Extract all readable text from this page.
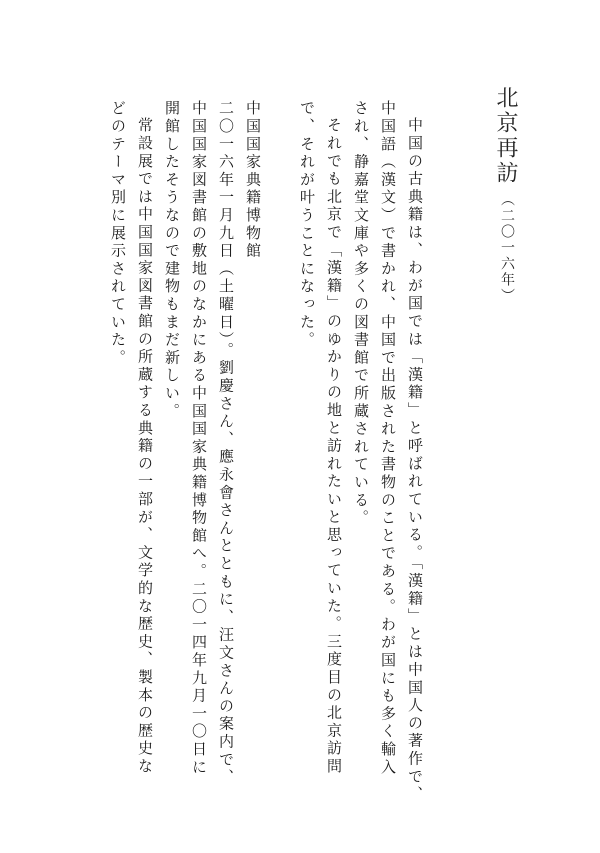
北京再訪
（二〇一六年）
中国の古典籍は、わが国では「漢籍」と呼ばれている。「漢籍」とは中国人の著作で、
中国語（漢文）で書かれ、中国で出版された書物のことである。わが国にも多く輸入
され、静嘉堂文庫や多くの図書館で所蔵されている。
それでも北京で「漢籍」のゆかりの地と訪れたいと思っていた。三度目の北京訪問
で、それが叶うことになった。
中国国家典籍博物館
二〇一六年一月九日（土曜日）。劉慶さん、應永會さんとともに、汪文さんの案内で、
中国国家図書館の敷地のなかにある中国国家典籍博物館へ。二〇一四年九月一〇日に
開館したそうなので建物もまだ新しい。
常設展では中国国家図書館の所蔵する典籍の一部が、文学的な歴史、製本の歴史な
どのテーマ別に展示されていた。
